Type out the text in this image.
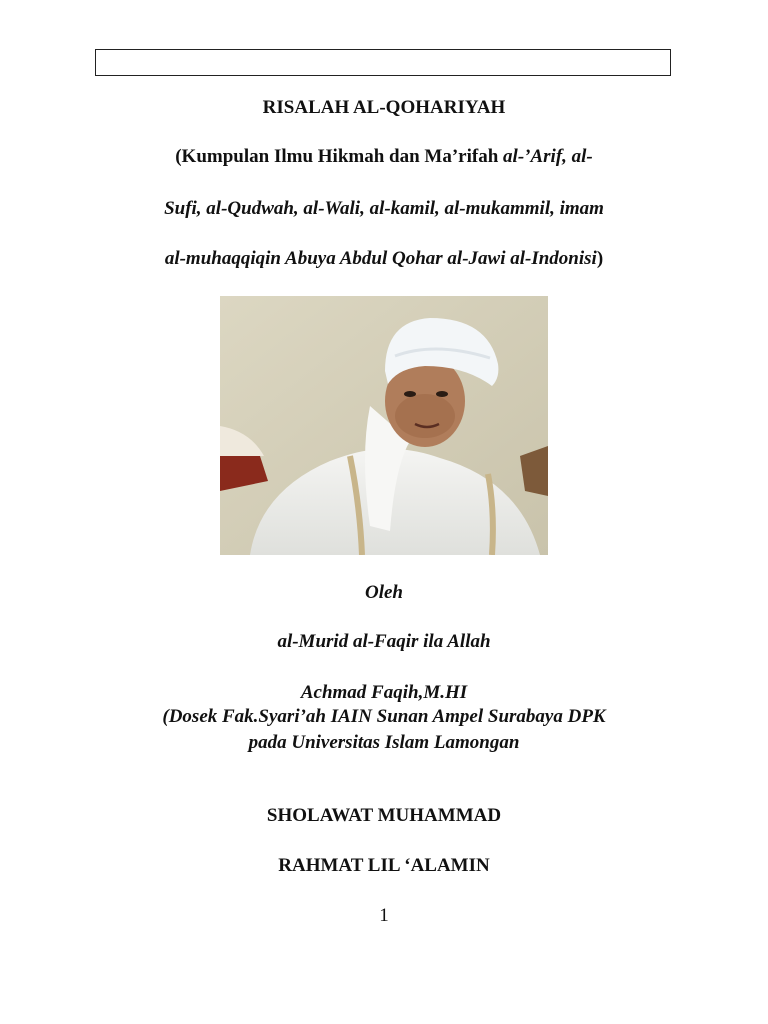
RISALAH AL-QOHARIYAH
(Kumpulan Ilmu Hikmah dan Ma’rifah al-’Arif, al-
Sufi, al-Qudwah, al-Wali, al-kamil, al-mukammil, imam
al-muhaqqiqin Abuya Abdul Qohar al-Jawi al-Indonisi)
Oleh
al-Murid al-Faqir ila Allah
Achmad Faqih,M.HI
(Dosek Fak.Syari’ah IAIN Sunan Ampel Surabaya DPK
pada Universitas Islam Lamongan
SHOLAWAT MUHAMMAD
RAHMAT LIL ‘ALAMIN
1
